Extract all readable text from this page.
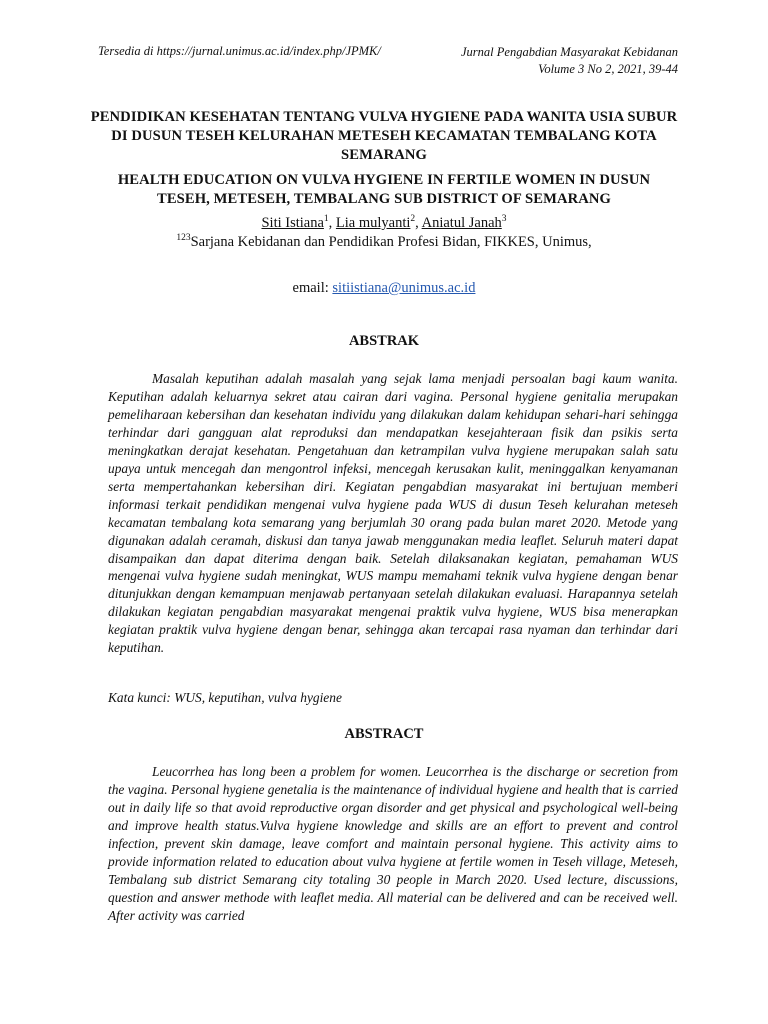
Tersedia di https://jurnal.unimus.ac.id/index.php/JPMK/	Jurnal Pengabdian Masyarakat Kebidanan
Volume 3 No 2, 2021, 39-44
PENDIDIKAN KESEHATAN TENTANG VULVA HYGIENE PADA WANITA USIA SUBUR DI DUSUN TESEH KELURAHAN METESEH KECAMATAN TEMBALANG KOTA SEMARANG
HEALTH EDUCATION ON VULVA HYGIENE IN FERTILE WOMEN IN DUSUN TESEH, METESEH, TEMBALANG SUB DISTRICT OF SEMARANG
Siti Istiana$^1$, Lia mulyanti$^2$, Aniatul Janah$^3$
$^{123}$Sarjana Kebidanan dan Pendidikan Profesi Bidan, FIKKES, Unimus,
email: sitiistiana@unimus.ac.id
ABSTRAK
Masalah keputihan adalah masalah yang sejak lama menjadi persoalan bagi kaum wanita. Keputihan adalah keluarnya sekret atau cairan dari vagina. Personal hygiene genitalia merupakan pemeliharaan kebersihan dan kesehatan individu yang dilakukan dalam kehidupan sehari-hari sehingga terhindar dari gangguan alat reproduksi dan mendapatkan kesejahteraan fisik dan psikis serta meningkatkan derajat kesehatan. Pengetahuan dan ketrampilan vulva hygiene merupakan salah satu upaya untuk mencegah dan mengontrol infeksi, mencegah kerusakan kulit, meninggalkan kenyamanan serta mempertahankan kebersihan diri. Kegiatan pengabdian masyarakat ini bertujuan memberi informasi terkait pendidikan mengenai vulva hygiene pada WUS di dusun Teseh kelurahan meteseh kecamatan tembalang kota semarang yang berjumlah 30 orang pada bulan maret 2020. Metode yang digunakan adalah ceramah, diskusi dan tanya jawab menggunakan media leaflet. Seluruh materi dapat disampaikan dan dapat diterima dengan baik. Setelah dilaksanakan kegiatan, pemahaman WUS mengenai vulva hygiene sudah meningkat, WUS mampu memahami teknik vulva hygiene dengan benar ditunjukkan dengan kemampuan menjawab pertanyaan setelah dilakukan evaluasi. Harapannya setelah dilakukan kegiatan pengabdian masyarakat mengenai praktik vulva hygiene, WUS bisa menerapkan kegiatan praktik vulva hygiene dengan benar, sehingga akan tercapai rasa nyaman dan terhindar dari keputihan.
Kata kunci: WUS, keputihan, vulva hygiene
ABSTRACT
Leucorrhea has long been a problem for women. Leucorrhea is the discharge or secretion from the vagina. Personal hygiene genetalia is the maintenance of individual hygiene and health that is carried out in daily life so that avoid reproductive organ disorder and get physical and psychological well-being and improve health status.Vulva hygiene knowledge and skills are an effort to prevent and control infection, prevent skin damage, leave comfort and maintain personal hygiene. This activity aims to provide information related to education about vulva hygiene at fertile women in Teseh village, Meteseh, Tembalang sub district Semarang city totaling 30 people in March 2020. Used lecture, discussions, question and answer methode with leaflet media. All material can be delivered and can be received well. After activity was carried
